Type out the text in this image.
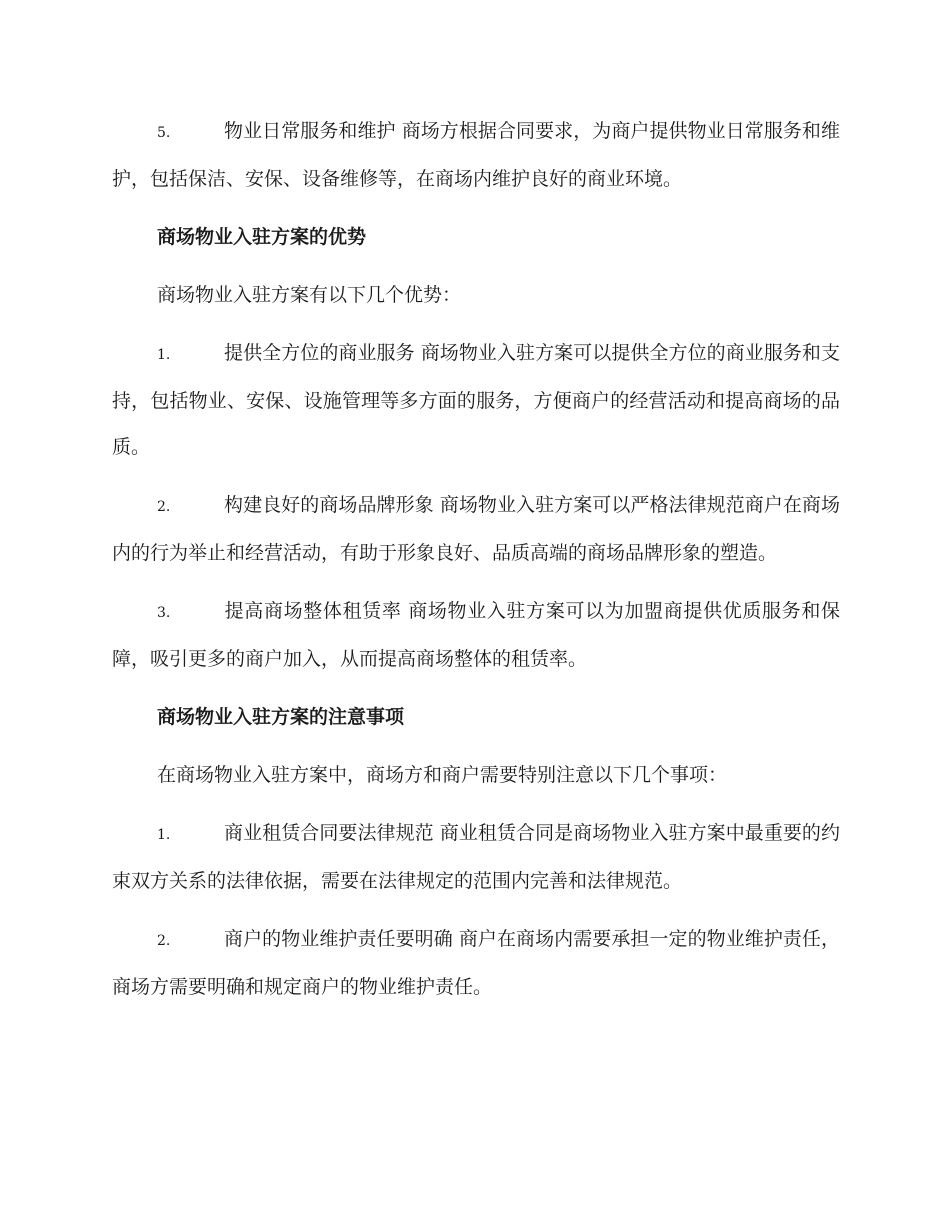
5.	物业日常服务和维护 商场方根据合同要求，为商户提供物业日常服务和维护，包括保洁、安保、设备维修等，在商场内维护良好的商业环境。

商场物业入驻方案的优势

商场物业入驻方案有以下几个优势：

1.	提供全方位的商业服务 商场物业入驻方案可以提供全方位的商业服务和支持，包括物业、安保、设施管理等多方面的服务，方便商户的经营活动和提高商场的品质。

2.	构建良好的商场品牌形象 商场物业入驻方案可以严格法律规范商户在商场内的行为举止和经营活动，有助于形象良好、品质高端的商场品牌形象的塑造。

3.	提高商场整体租赁率 商场物业入驻方案可以为加盟商提供优质服务和保障，吸引更多的商户加入，从而提高商场整体的租赁率。

商场物业入驻方案的注意事项

在商场物业入驻方案中，商场方和商户需要特别注意以下几个事项：

1.	商业租赁合同要法律规范 商业租赁合同是商场物业入驻方案中最重要的约束双方关系的法律依据，需要在法律规定的范围内完善和法律规范。

2.	商户的物业维护责任要明确 商户在商场内需要承担一定的物业维护责任，商场方需要明确和规定商户的物业维护责任。
